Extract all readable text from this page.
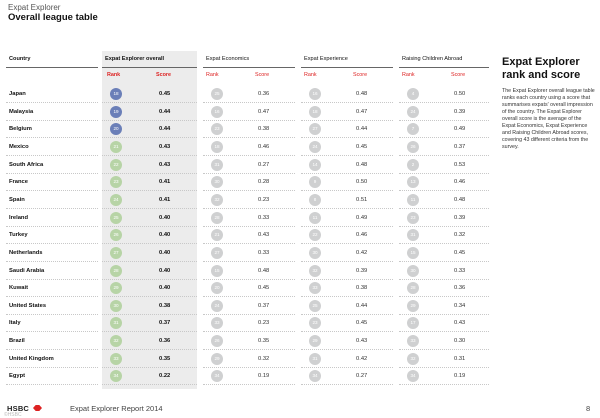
Expat Explorer
Overall league table
Country	Expat Explorer overall	Expat Economics	Expat Experience	Raising Children Abroad
Rank	Score	Rank	Score	Rank	Score	Rank	Score
Japan	18	0.45	25	0.36	16	0.48	4	0.50
Malaysia	19	0.44	16	0.47	18	0.47	24	0.39
Belgium	20	0.44	23	0.38	27	0.44	7	0.49
Mexico	21	0.43	18	0.46	24	0.45	26	0.37
South Africa	22	0.43	31	0.27	14	0.48	2	0.53
France	23	0.41	30	0.28	9	0.50	13	0.46
Spain	24	0.41	32	0.23	8	0.51	11	0.48
Ireland	25	0.40	28	0.33	11	0.49	23	0.39
Turkey	26	0.40	21	0.43	22	0.46	31	0.32
Netherlands	27	0.40	27	0.33	30	0.42	15	0.45
Saudi Arabia	28	0.40	15	0.48	32	0.39	30	0.33
Kuwait	29	0.40	20	0.45	33	0.38	28	0.36
United States	30	0.38	24	0.37	25	0.44	29	0.34
Italy	31	0.37	33	0.23	23	0.45	17	0.43
Brazil	32	0.36	26	0.35	29	0.43	33	0.30
United Kingdom	33	0.35	29	0.32	31	0.42	32	0.31
Egypt	34	0.22	34	0.19	34	0.27	34	0.19
Expat Explorer rank and score
The Expat Explorer overall league table ranks each country using a score that summarises expats' overall impression of the country. The Expat Explorer overall score is the average of the Expat Economics, Expat Experience and Raising Children Abroad scores, covering 43 different criteria from the survey.
HSBC	Expat Explorer Report 2014	8
©HSBC
